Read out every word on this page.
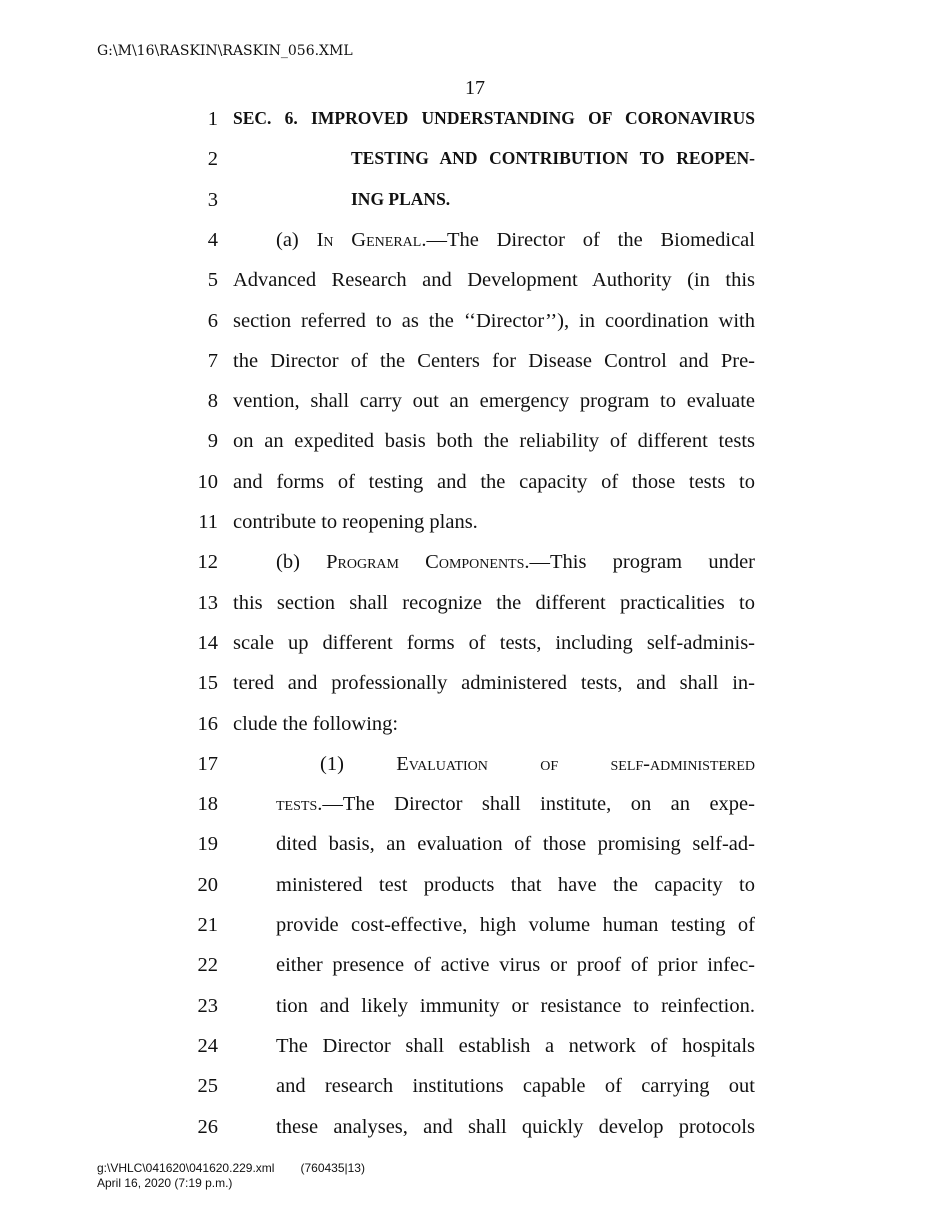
G:\M\16\RASKIN\RASKIN_056.XML
17
1 SEC. 6. IMPROVED UNDERSTANDING OF CORONAVIRUS
2	TESTING AND CONTRIBUTION TO REOPEN-
3	ING PLANS.
4	(a) In General.—The Director of the Biomedical
5 Advanced Research and Development Authority (in this
6 section referred to as the ‘‘Director’’), in coordination with
7 the Director of the Centers for Disease Control and Pre-
8 vention, shall carry out an emergency program to evaluate
9 on an expedited basis both the reliability of different tests
10 and forms of testing and the capacity of those tests to
11 contribute to reopening plans.
12	(b) Program Components.—This program under
13 this section shall recognize the different practicalities to
14 scale up different forms of tests, including self-adminis-
15 tered and professionally administered tests, and shall in-
16 clude the following:
17	(1) Evaluation of self-administered
18	tests.—The Director shall institute, on an expe-
19	dited basis, an evaluation of those promising self-ad-
20	ministered test products that have the capacity to
21	provide cost-effective, high volume human testing of
22	either presence of active virus or proof of prior infec-
23	tion and likely immunity or resistance to reinfection.
24	The Director shall establish a network of hospitals
25	and research institutions capable of carrying out
26	these analyses, and shall quickly develop protocols
g:\VHLC\041620\041620.229.xml (760435|13)
April 16, 2020 (7:19 p.m.)
